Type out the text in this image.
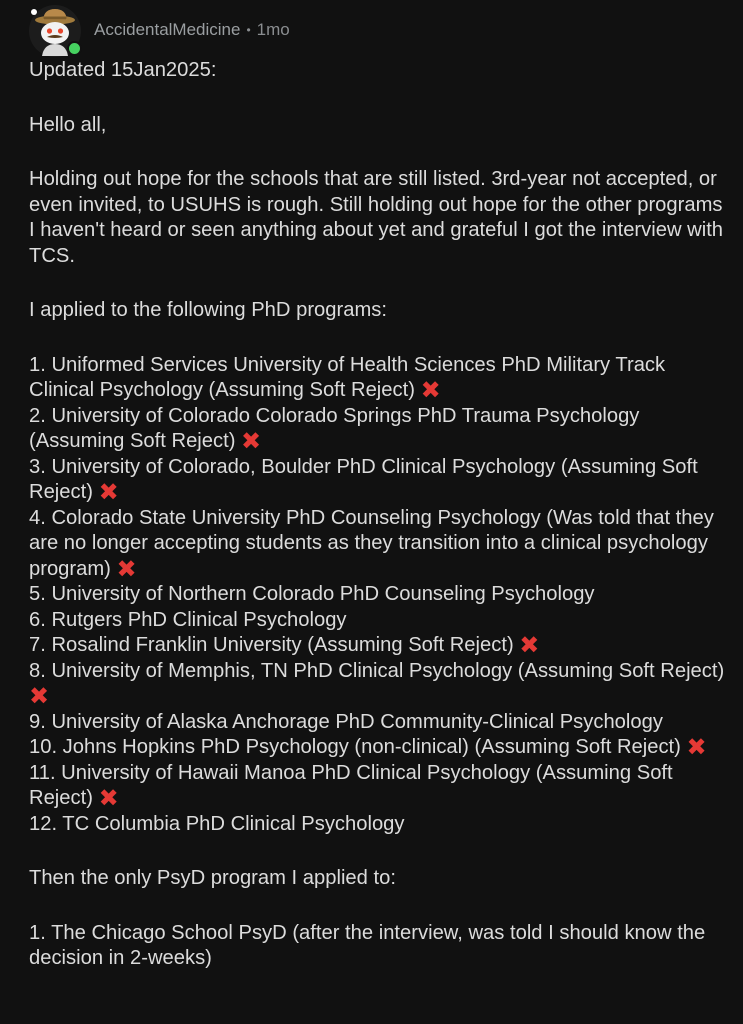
AccidentalMedicine • 1mo

Updated 15Jan2025:

Hello all,

Holding out hope for the schools that are still listed. 3rd-year not accepted, or even invited, to USUHS is rough. Still holding out hope for the other programs I haven't heard or seen anything about yet and grateful I got the interview with TCS.

I applied to the following PhD programs:

1. Uniformed Services University of Health Sciences PhD Military Track Clinical Psychology (Assuming Soft Reject) ✖
2. University of Colorado Colorado Springs PhD Trauma Psychology (Assuming Soft Reject) ✖
3. University of Colorado, Boulder PhD Clinical Psychology (Assuming Soft Reject) ✖
4. Colorado State University PhD Counseling Psychology (Was told that they are no longer accepting students as they transition into a clinical psychology program) ✖
5. University of Northern Colorado PhD Counseling Psychology
6. Rutgers PhD Clinical Psychology
7. Rosalind Franklin University (Assuming Soft Reject) ✖
8. University of Memphis, TN PhD Clinical Psychology (Assuming Soft Reject) ✖
9. University of Alaska Anchorage PhD Community-Clinical Psychology
10. Johns Hopkins PhD Psychology (non-clinical) (Assuming Soft Reject) ✖
11. University of Hawaii Manoa PhD Clinical Psychology (Assuming Soft Reject) ✖
12. TC Columbia PhD Clinical Psychology

Then the only PsyD program I applied to:

1. The Chicago School PsyD (after the interview, was told I should know the decision in 2-weeks)
